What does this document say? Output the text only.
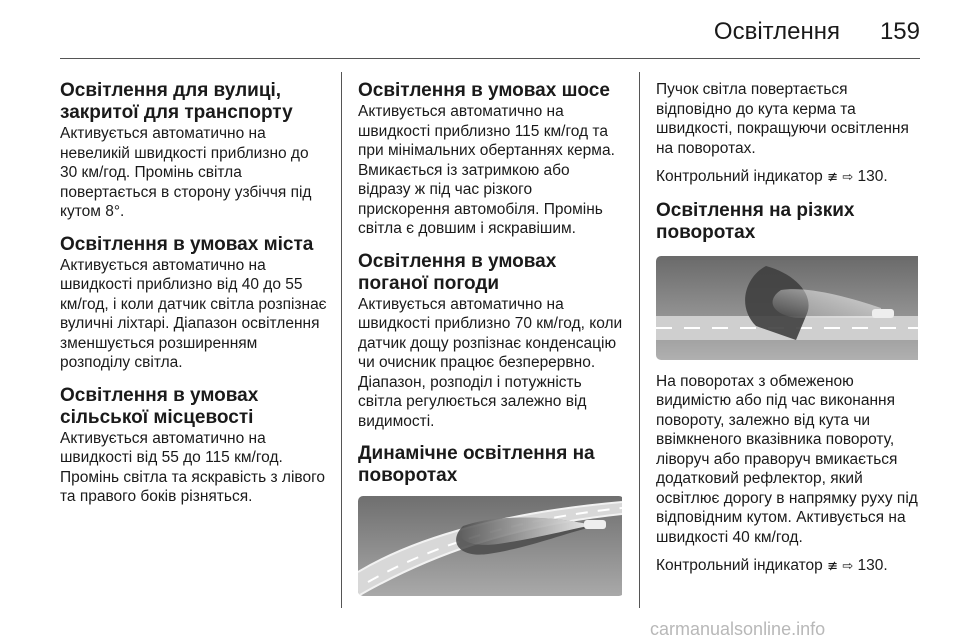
Освітлення 159
Освітлення для вулиці, закритої для транспорту

Активується автоматично на невеликій швидкості приблизно до 30 км/год. Промінь світла повертається в сторону узбіччя під кутом 8°.

Освітлення в умовах міста

Активується автоматично на швидкості приблизно від 40 до 55 км/год, і коли датчик світла розпізнає вуличні ліхтарі. Діапазон освітлення зменшується розширенням розподілу світла.

Освітлення в умовах сільської місцевості

Активується автоматично на швидкості від 55 до 115 км/год. Промінь світла та яскравість з лівого та правого боків різняться.

Освітлення в умовах шосе

Активується автоматично на швидкості приблизно 115 км/год та при мінімальних обертаннях керма. Вмикається із затримкою або відразу ж під час різкого прискорення автомобіля. Промінь світла є довшим і яскравішим.

Освітлення в умовах поганої погоди

Активується автоматично на швидкості приблизно 70 км/год, коли датчик дощу розпізнає конденсацію чи очисник працює безперервно. Діапазон, розподіл і потужність світла регулюється залежно від видимості.

Динамічне освітлення на поворотах

Пучок світла повертається відповідно до кута керма та швидкості, покращуючи освітлення на поворотах.

Контрольний індикатор ≢ ⇨ 130.

Освітлення на різких поворотах

На поворотах з обмеженою видимістю або під час виконання повороту, залежно від кута чи ввімкненого вказівника повороту, ліворуч або праворуч вмикається додатковий рефлектор, який освітлює дорогу в напрямку руху під відповідним кутом. Активується на швидкості 40 км/год.

Контрольний індикатор ≢ ⇨ 130.

carmanualsonline.info
